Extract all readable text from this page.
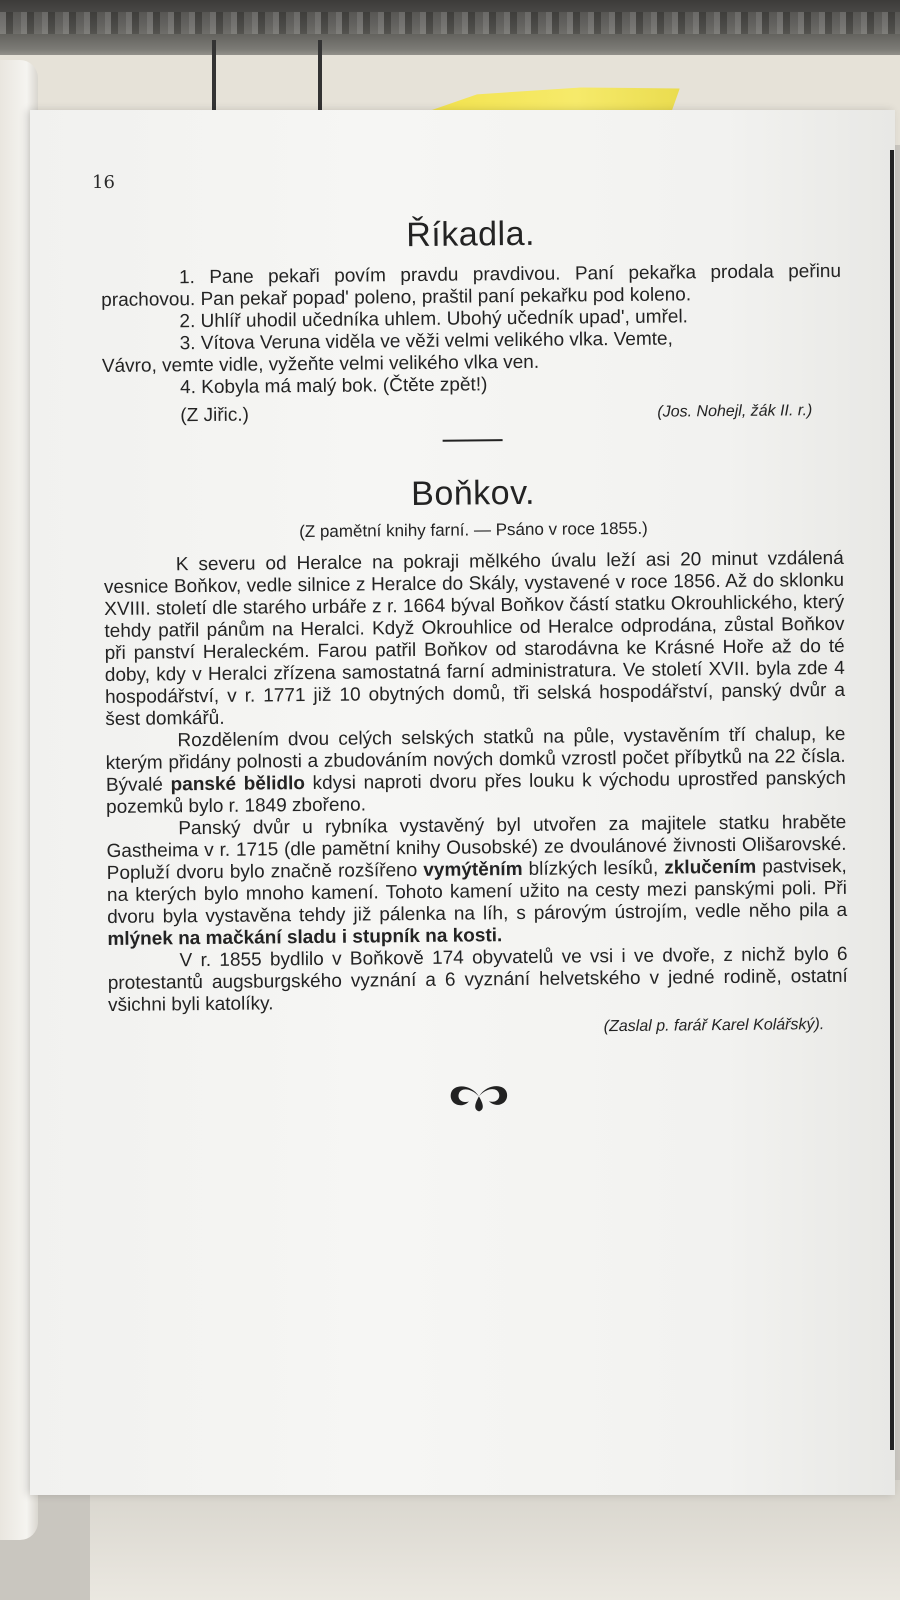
16
Říkadla.

1. Pane pekaři povím pravdu pravdivou. Paní pekařka prodala peřinu prachovou. Pan pekař popad' poleno, praštil paní pekařku pod koleno.

2. Uhlíř uhodil učedníka uhlem. Ubohý učedník upad', umřel.

3. Vítova Veruna viděla ve věži velmi velikého vlka. Vemte,

Vávro, vemte vidle, vyžeňte velmi velikého vlka ven.

4. Kobyla má malý bok. (Čtěte zpět!)

(Z Jiřic.)	(Jos. Nohejl, žák II. r.)
Boňkov.
(Z pamětní knihy farní. — Psáno v roce 1855.)

K severu od Heralce na pokraji mělkého úvalu leží asi 20 minut vzdálená vesnice Boňkov, vedle silnice z Heralce do Skály, vystavené v roce 1856. Až do sklonku XVIII. století dle starého urbáře z r. 1664 býval Boňkov částí statku Okrouhlického, který tehdy patřil pánům na Heralci. Když Okrouhlice od Heralce odprodána, zůstal Boňkov při panství Heraleckém. Farou patřil Boňkov od starodávna ke Krásné Hoře až do té doby, kdy v Heralci zřízena samostatná farní administratura. Ve století XVII. byla zde 4 hospodářství, v r. 1771 již 10 obytných domů, tři selská hospodářství, panský dvůr a šest domkářů.

Rozdělením dvou celých selských statků na půle, vystavěním tří chalup, ke kterým přidány polnosti a zbudováním nových domků vzrostl počet příbytků na 22 čísla. Bývalé panské bělidlo kdysi naproti dvoru přes louku k východu uprostřed panských pozemků bylo r. 1849 zbořeno.

Panský dvůr u rybníka vystavěný byl utvořen za majitele statku hraběte Gastheima v r. 1715 (dle pamětní knihy Ousobské) ze dvoulánové živnosti Olišarovské. Popluží dvoru bylo značně rozšířeno vymýtěním blízkých lesíků, zklučením pastvisek, na kterých bylo mnoho kamení. Tohoto kamení užito na cesty mezi panskými poli. Při dvoru byla vystavěna tehdy již pálenka na líh, s párovým ústrojím, vedle něho pila a mlýnek na mačkání sladu i stupník na kosti.

V r. 1855 bydlilo v Boňkově 174 obyvatelů ve vsi i ve dvoře, z nichž bylo 6 protestantů augsburgského vyznání a 6 vyznání helvetského v jedné rodině, ostatní všichni byli katolíky.

(Zaslal p. farář Karel Kolářský).
